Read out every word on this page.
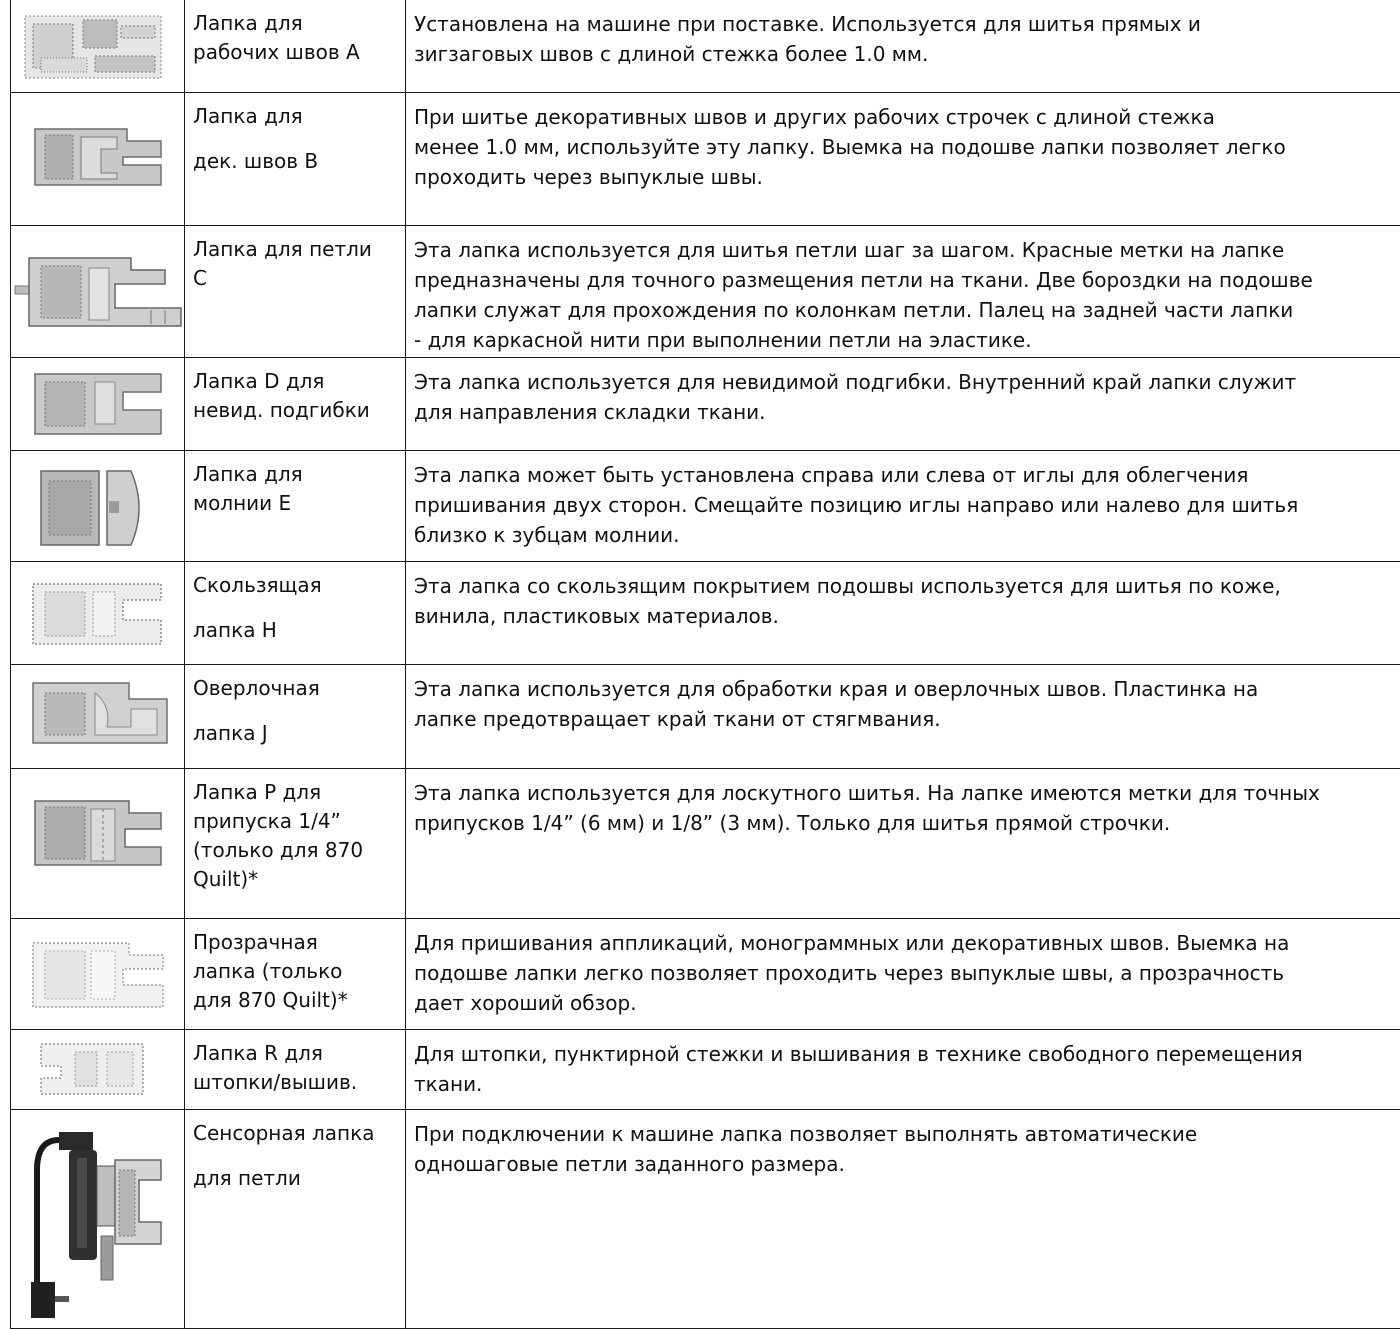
Лапка для
рабочих швов А	Установлена на машине при поставке. Используется для шитья прямых и
зигзаговых швов с длиной стежка более 1.0 мм.

Лапка для
дек. швов В	При шитье декоративных швов и других рабочих строчек с длиной стежка
менее 1.0 мм, используйте эту лапку. Выемка на подошве лапки позволяет легко
проходить через выпуклые швы.

Лапка для петли
С	Эта лапка используется для шитья петли шаг за шагом. Красные метки на лапке
предназначены для точного размещения петли на ткани. Две бороздки на подошве
лапки служат для прохождения по колонкам петли. Палец на задней части лапки
- для каркасной нити при выполнении петли на эластике.

Лапка D для
невид. подгибки	Эта лапка используется для невидимой подгибки. Внутренний край лапки служит
для направления складки ткани.

Лапка для
молнии Е	Эта лапка может быть установлена справа или слева от иглы для облегчения
пришивания двух сторон. Смещайте позицию иглы направо или налево для шитья
близко к зубцам молнии.

Скользящая
лапка Н	Эта лапка со скользящим покрытием подошвы используется для шитья по коже,
винила, пластиковых материалов.

Оверлочная
лапка J	Эта лапка используется для обработки края и оверлочных швов. Пластинка на
лапке предотвращает край ткани от стягмвания.

Лапка Р для
припуска 1/4”
(только для 870
Quilt)*	Эта лапка используется для лоскутного шитья. На лапке имеются метки для точных
припусков 1/4” (6 мм) и 1/8” (3 мм). Только для шитья прямой строчки.

Прозрачная
лапка (только
для 870 Quilt)*	Для пришивания аппликаций, монограммных или декоративных швов. Выемка на
подошве лапки легко позволяет проходить через выпуклые швы, а прозрачность
дает хороший обзор.

Лапка R для
штопки/вышив.	Для штопки, пунктирной стежки и вышивания в технике свободного перемещения
ткани.

Сенсорная лапка
для петли	При подключении к машине лапка позволяет выполнять автоматические
одношаговые петли заданного размера.
